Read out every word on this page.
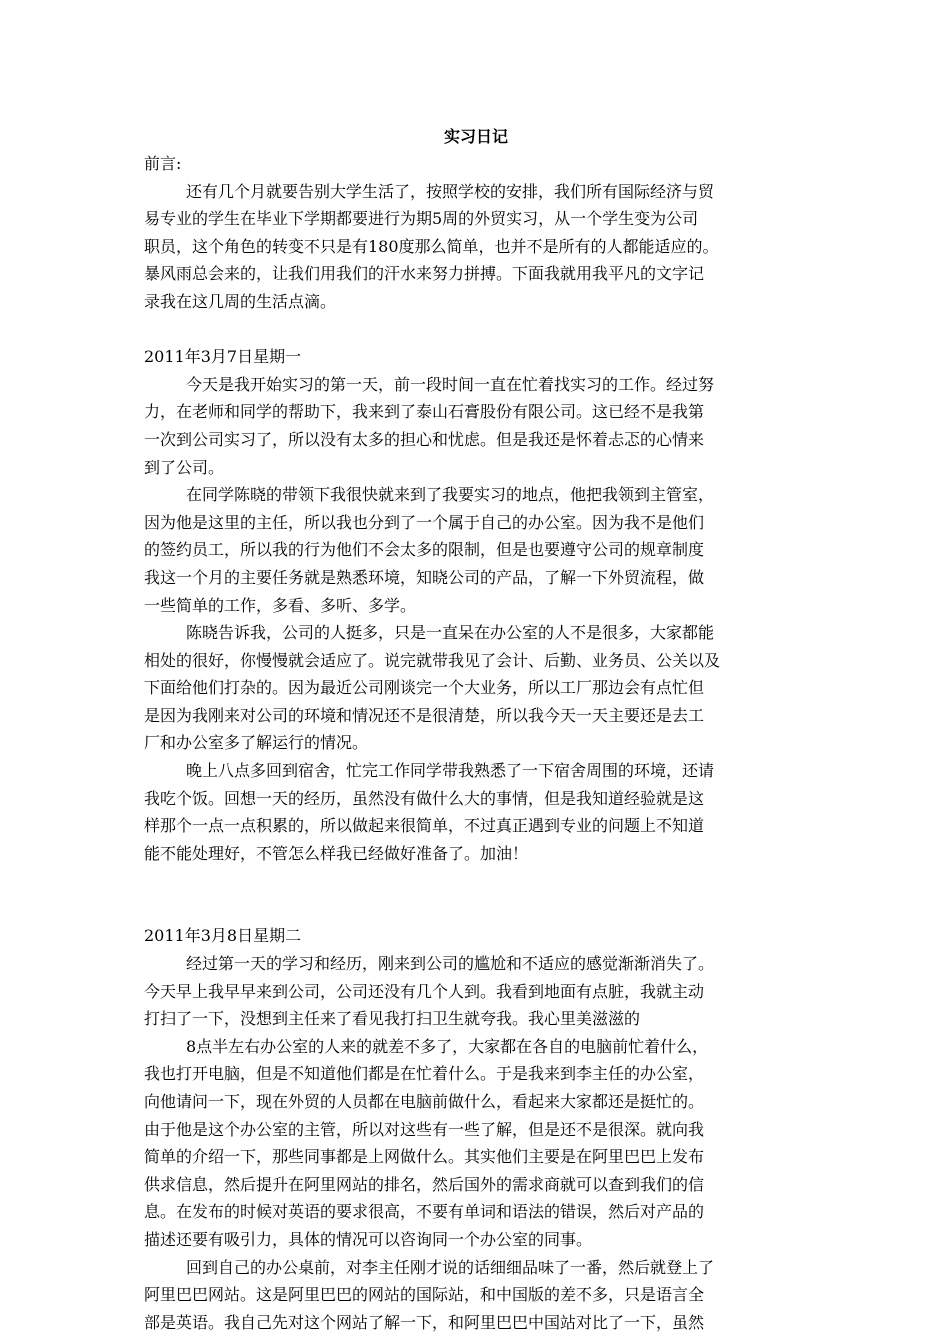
实习日记
前言:
还有几个月就要告别大学生活了，按照学校的安排，我们所有国际经济与贸
易专业的学生在毕业下学期都要进行为期5周的外贸实习，从一个学生变为公司
职员，这个角色的转变不只是有180度那么简单，也并不是所有的人都能适应的。
暴风雨总会来的，让我们用我们的汗水来努力拼搏。下面我就用我平凡的文字记
录我在这几周的生活点滴。
2011年3月7日星期一
今天是我开始实习的第一天，前一段时间一直在忙着找实习的工作。经过努
力，在老师和同学的帮助下，我来到了泰山石膏股份有限公司。这已经不是我第
一次到公司实习了，所以没有太多的担心和忧虑。但是我还是怀着忐忑的心情来
到了公司。
在同学陈晓的带领下我很快就来到了我要实习的地点，他把我领到主管室，
因为他是这里的主任，所以我也分到了一个属于自己的办公室。因为我不是他们
的签约员工，所以我的行为他们不会太多的限制，但是也要遵守公司的规章制度
我这一个月的主要任务就是熟悉环境，知晓公司的产品，了解一下外贸流程，做
一些简单的工作，多看、多听、多学。
陈晓告诉我，公司的人挺多，只是一直呆在办公室的人不是很多，大家都能
相处的很好，你慢慢就会适应了。说完就带我见了会计、后勤、业务员、公关以及
下面给他们打杂的。因为最近公司刚谈完一个大业务，所以工厂那边会有点忙但
是因为我刚来对公司的环境和情况还不是很清楚，所以我今天一天主要还是去工
厂和办公室多了解运行的情况。
晚上八点多回到宿舍，忙完工作同学带我熟悉了一下宿舍周围的环境，还请
我吃个饭。回想一天的经历，虽然没有做什么大的事情，但是我知道经验就是这
样那个一点一点积累的，所以做起来很简单，不过真正遇到专业的问题上不知道
能不能处理好，不管怎么样我已经做好准备了。加油！
2011年3月8日星期二
经过第一天的学习和经历，刚来到公司的尴尬和不适应的感觉渐渐消失了。
今天早上我早早来到公司，公司还没有几个人到。我看到地面有点脏，我就主动
打扫了一下，没想到主任来了看见我打扫卫生就夸我。我心里美滋滋的
8点半左右办公室的人来的就差不多了，大家都在各自的电脑前忙着什么，
我也打开电脑，但是不知道他们都是在忙着什么。于是我来到李主任的办公室，
向他请问一下，现在外贸的人员都在电脑前做什么，看起来大家都还是挺忙的。
由于他是这个办公室的主管，所以对这些有一些了解，但是还不是很深。就向我
简单的介绍一下，那些同事都是上网做什么。其实他们主要是在阿里巴巴上发布
供求信息，然后提升在阿里网站的排名，然后国外的需求商就可以查到我们的信
息。在发布的时候对英语的要求很高，不要有单词和语法的错误，然后对产品的
描述还要有吸引力，具体的情况可以咨询同一个办公室的同事。
回到自己的办公桌前，对李主任刚才说的话细细品味了一番，然后就登上了
阿里巴巴网站。这是阿里巴巴的网站的国际站，和中国版的差不多，只是语言全
部是英语。我自己先对这个网站了解一下，和阿里巴巴中国站对比了一下，虽然
